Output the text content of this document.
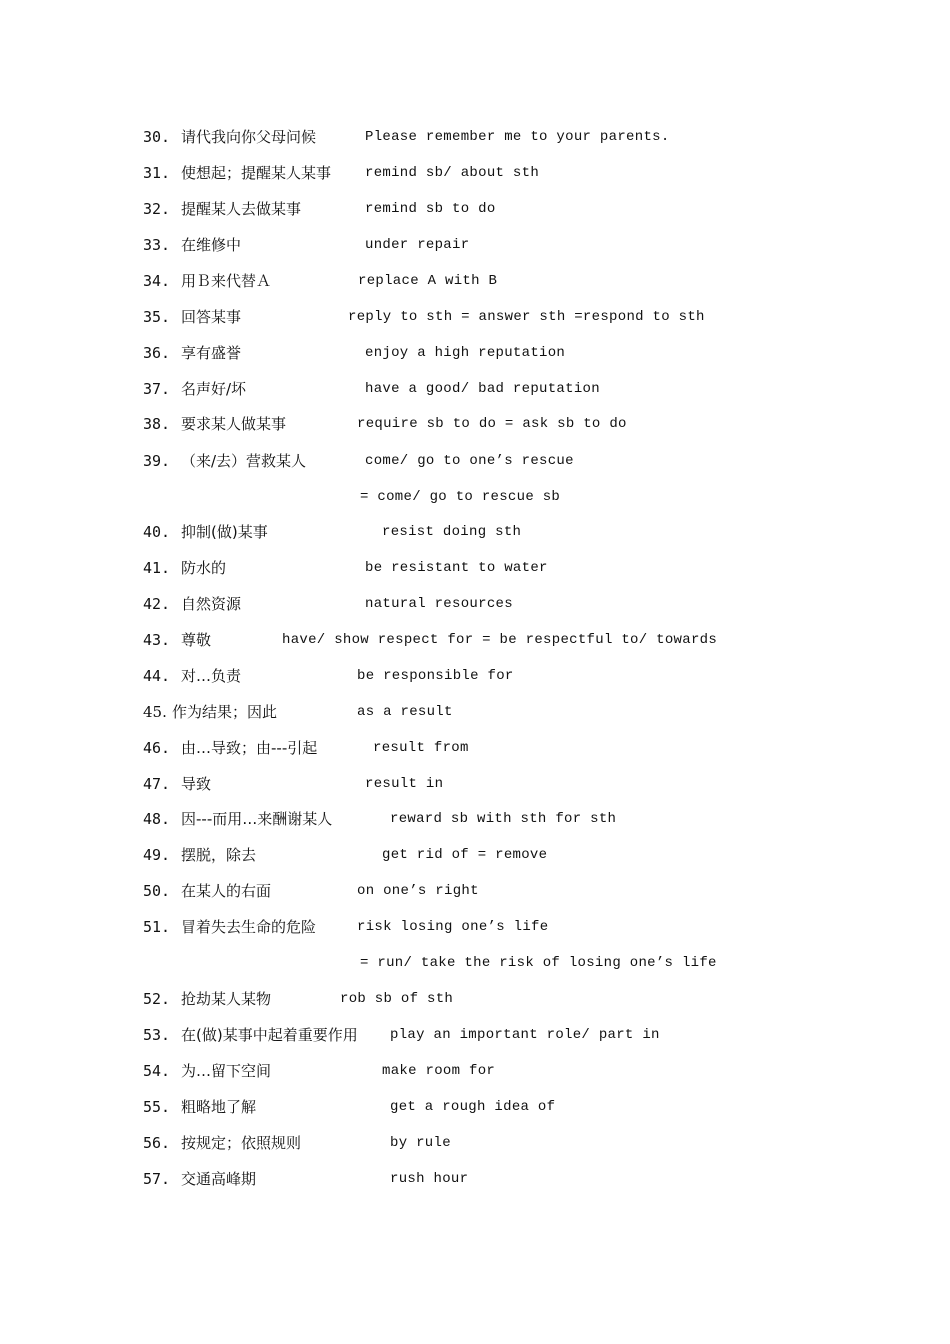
30. 请代我向你父母问候	Please remember me to your parents.
31. 使想起；提醒某人某事 remind sb/ about sth
32. 提醒某人去做某事	remind sb to do
33. 在维修中	under repair
34. 用Ｂ来代替Ａ	replace A with B
35. 回答某事	reply to sth = answer sth =respond to sth
36. 享有盛誉	enjoy a high reputation
37. 名声好/坏	have a good/ bad reputation
38. 要求某人做某事	require sb to do = ask sb to do
39. （来/去）营救某人	come/ go to one’s rescue
= come/ go to rescue sb
40. 抑制(做)某事	resist doing sth
41. 防水的	be resistant to water
42. 自然资源	natural resources
43. 尊敬	have/ show respect for = be respectful to/ towards
44. 对…负责	be responsible for
45. 作为结果；因此	as a result
46. 由…导致；由---引起	result from
47. 导致	result in
48. 因---而用…来酬谢某人	reward sb with sth for sth
49. 摆脱，除去	get rid of = remove
50. 在某人的右面	on one’s right
51. 冒着失去生命的危险	risk losing one’s life
= run/ take the risk of losing one’s life
52. 抢劫某人某物	rob sb of sth
53. 在(做)某事中起着重要作用 play an important role/ part in
54. 为…留下空间	make room for
55. 粗略地了解	get a rough idea of
56. 按规定；依照规则	by rule
57. 交通高峰期	rush hour
